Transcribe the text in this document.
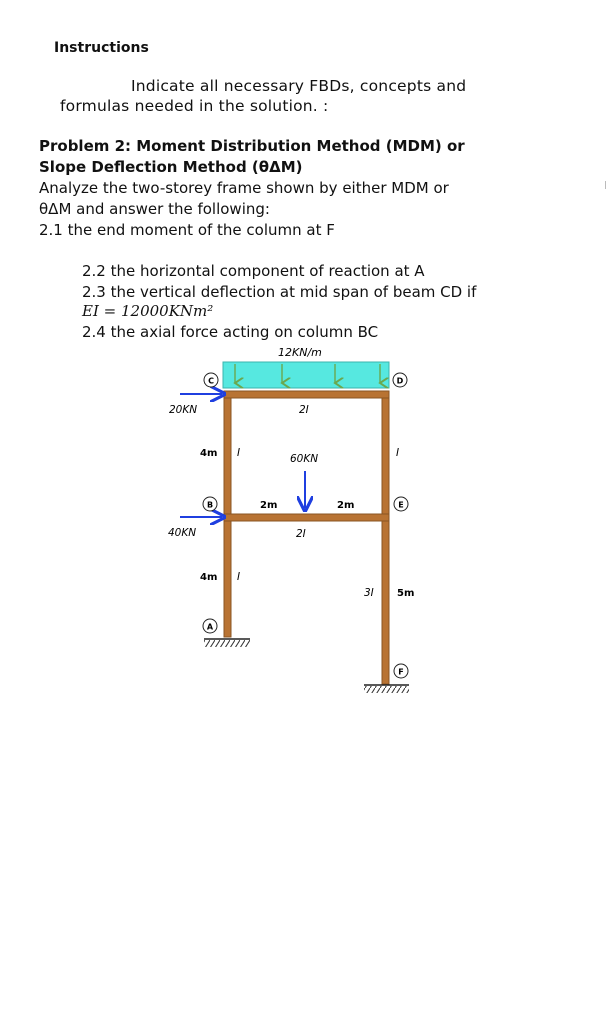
Instructions
Indicate all necessary FBDs, concepts and
formulas needed in the solution. :
Problem 2: Moment Distribution Method (MDM) or
Slope Deflection Method (θΔM)
Analyze the two-storey frame shown by either MDM or
θΔM and answer the following:
2.1 the end moment of the column at F
2.2 the horizontal component of reaction at A
2.3 the vertical deflection at mid span of beam CD if
EI = 12000KNm²
2.4 the axial force acting on column BC
12KN/m
20KN
40KN
60KN
2I
2I
I
I
I
3I
4m
4m
5m
2m	2m
C	D
B	E
A
F
